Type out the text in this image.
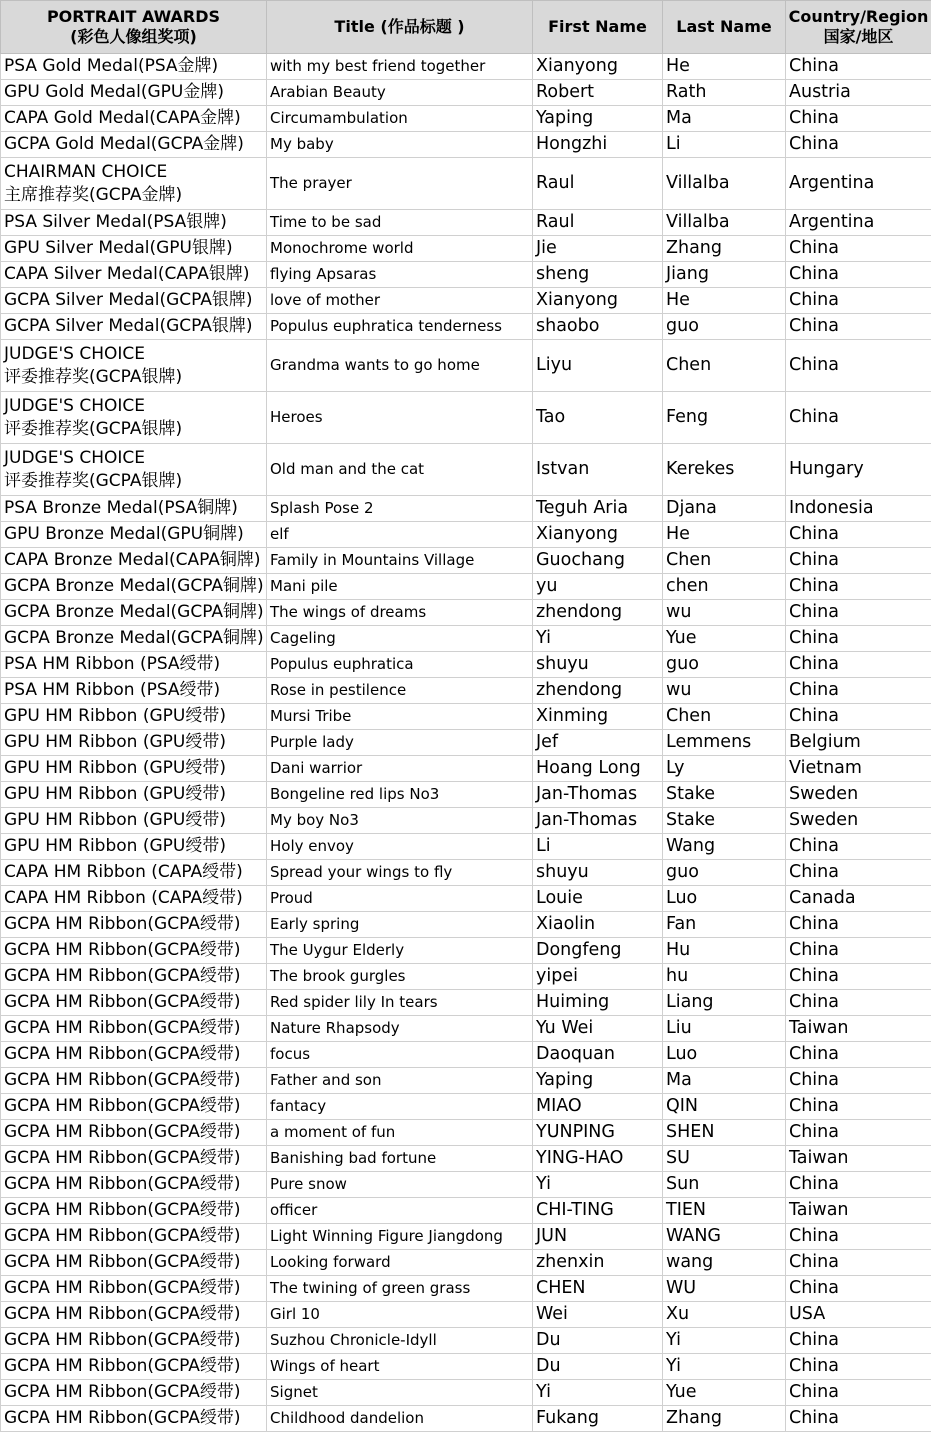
PORTRAIT AWARDS
(彩色人像组奖项)	Title (作品标题 )	First Name	Last Name	Country/Region
国家/地区

PSA Gold Medal(PSA金牌)	with my best friend together	Xianyong	He	China

GPU Gold Medal(GPU金牌)	Arabian Beauty	Robert	Rath	Austria

CAPA Gold Medal(CAPA金牌)	Circumambulation	Yaping	Ma	China

GCPA Gold Medal(GCPA金牌)	My baby	Hongzhi	Li	China

CHAIRMAN CHOICE
主席推荐奖(GCPA金牌)	The prayer	Raul	Villalba	Argentina

PSA Silver Medal(PSA银牌)	Time to be sad	Raul	Villalba	Argentina

GPU Silver Medal(GPU银牌)	Monochrome world	Jie	Zhang	China

CAPA Silver Medal(CAPA银牌)	flying Apsaras	sheng	Jiang	China

GCPA Silver Medal(GCPA银牌)	love of mother	Xianyong	He	China

GCPA Silver Medal(GCPA银牌)	Populus euphratica tenderness	shaobo	guo	China

JUDGE'S CHOICE
评委推荐奖(GCPA银牌)	Grandma wants to go home	Liyu	Chen	China

JUDGE'S CHOICE
评委推荐奖(GCPA银牌)	Heroes	Tao	Feng	China

JUDGE'S CHOICE
评委推荐奖(GCPA银牌)	Old man and the cat	Istvan	Kerekes	Hungary

PSA Bronze Medal(PSA铜牌)	Splash Pose 2	Teguh Aria	Djana	Indonesia

GPU Bronze Medal(GPU铜牌)	elf	Xianyong	He	China

CAPA Bronze Medal(CAPA铜牌)	Family in Mountains Village	Guochang	Chen	China

GCPA Bronze Medal(GCPA铜牌)	Mani pile	yu	chen	China

GCPA Bronze Medal(GCPA铜牌)	The wings of dreams	zhendong	wu	China

GCPA Bronze Medal(GCPA铜牌)	Cageling	Yi	Yue	China

PSA HM Ribbon (PSA绶带)	Populus euphratica	shuyu	guo	China

PSA HM Ribbon (PSA绶带)	Rose in pestilence	zhendong	wu	China

GPU HM Ribbon (GPU绶带)	Mursi Tribe	Xinming	Chen	China

GPU HM Ribbon (GPU绶带)	Purple lady	Jef	Lemmens	Belgium

GPU HM Ribbon (GPU绶带)	Dani warrior	Hoang Long	Ly	Vietnam

GPU HM Ribbon (GPU绶带)	Bongeline red lips No3	Jan-Thomas	Stake	Sweden

GPU HM Ribbon (GPU绶带)	My boy No3	Jan-Thomas	Stake	Sweden

GPU HM Ribbon (GPU绶带)	Holy envoy	Li	Wang	China

CAPA HM Ribbon (CAPA绶带)	Spread your wings to fly	shuyu	guo	China

CAPA HM Ribbon (CAPA绶带)	Proud	Louie	Luo	Canada

GCPA HM Ribbon(GCPA绶带)	Early spring	Xiaolin	Fan	China

GCPA HM Ribbon(GCPA绶带)	The Uygur Elderly	Dongfeng	Hu	China

GCPA HM Ribbon(GCPA绶带)	The brook gurgles	yipei	hu	China

GCPA HM Ribbon(GCPA绶带)	Red spider lily In tears	Huiming	Liang	China

GCPA HM Ribbon(GCPA绶带)	Nature Rhapsody	Yu Wei	Liu	Taiwan

GCPA HM Ribbon(GCPA绶带)	focus	Daoquan	Luo	China

GCPA HM Ribbon(GCPA绶带)	Father and son	Yaping	Ma	China

GCPA HM Ribbon(GCPA绶带)	fantacy	MIAO	QIN	China

GCPA HM Ribbon(GCPA绶带)	a moment of fun	YUNPING	SHEN	China

GCPA HM Ribbon(GCPA绶带)	Banishing bad fortune	YING-HAO	SU	Taiwan

GCPA HM Ribbon(GCPA绶带)	Pure snow	Yi	Sun	China

GCPA HM Ribbon(GCPA绶带)	officer	CHI-TING	TIEN	Taiwan

GCPA HM Ribbon(GCPA绶带)	Light Winning Figure Jiangdong	JUN	WANG	China

GCPA HM Ribbon(GCPA绶带)	Looking forward	zhenxin	wang	China

GCPA HM Ribbon(GCPA绶带)	The twining of green grass	CHEN	WU	China

GCPA HM Ribbon(GCPA绶带)	Girl 10	Wei	Xu	USA

GCPA HM Ribbon(GCPA绶带)	Suzhou Chronicle-Idyll	Du	Yi	China

GCPA HM Ribbon(GCPA绶带)	Wings of heart	Du	Yi	China

GCPA HM Ribbon(GCPA绶带)	Signet	Yi	Yue	China

GCPA HM Ribbon(GCPA绶带)	Childhood dandelion	Fukang	Zhang	China
